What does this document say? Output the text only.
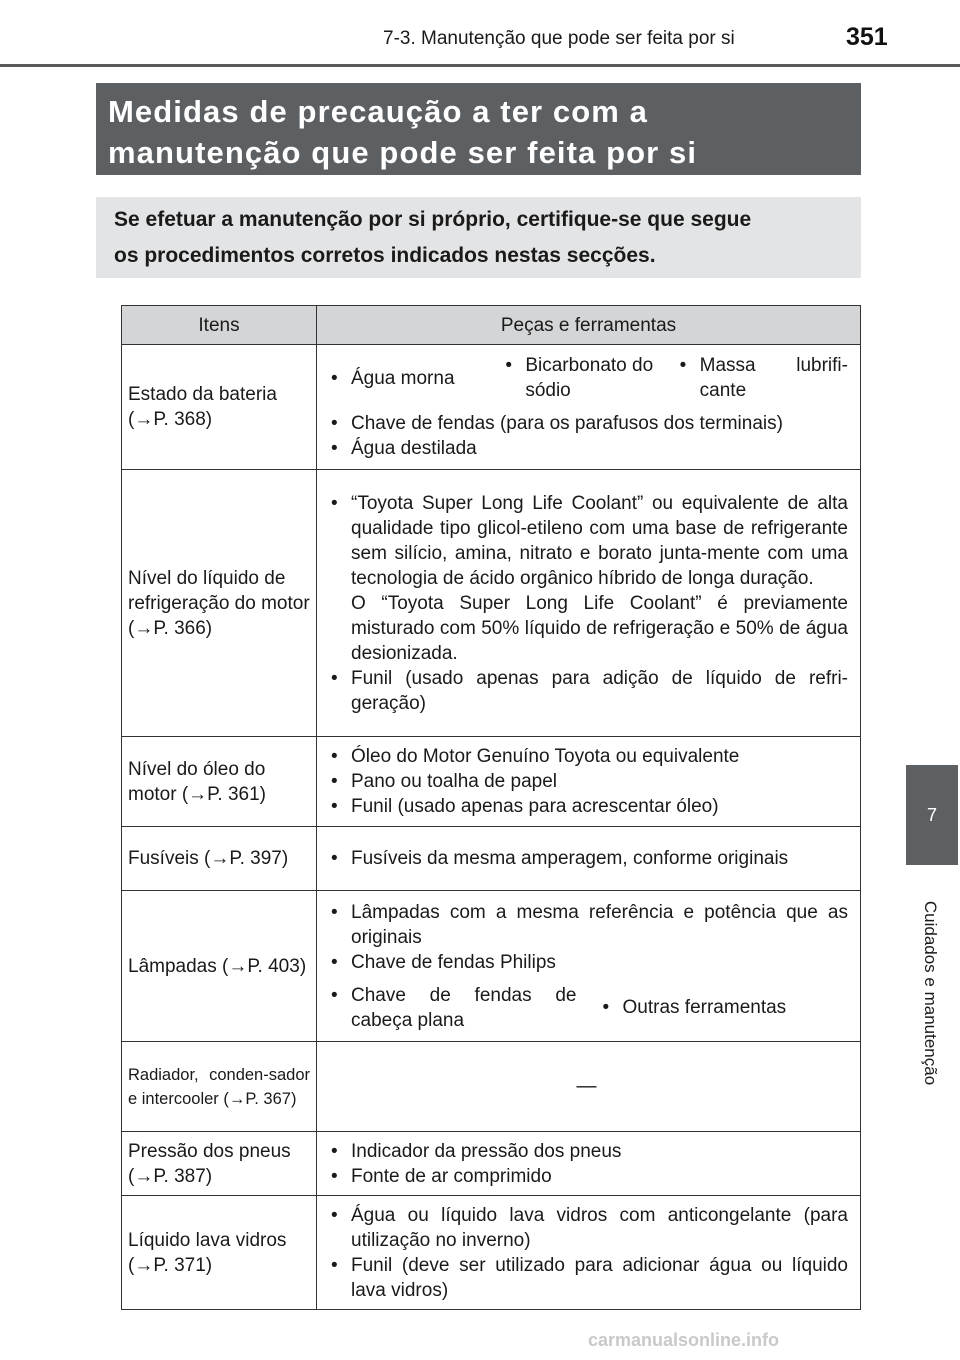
7-3. Manutenção que pode ser feita por si	351
Medidas de precaução a ter com a
manutenção que pode ser feita por si
Se efetuar a manutenção por si próprio, certifique-se que segue
os procedimentos corretos indicados nestas secções.
Itens	Peças e ferramentas
Estado da bateria (→P. 368)	• Água morna
• Bicarbonato do sódio
• Massa lubrifi-cante
• Chave de fendas (para os parafusos dos terminais)
• Água destilada

Nível do líquido de refrigeração do motor (→P. 366)	• “Toyota Super Long Life Coolant” ou equivalente de alta qualidade tipo glicol-etileno com uma base de refrigerante sem silício, amina, nitrato e borato junta-mente com uma tecnologia de ácido orgânico híbrido de longa duração.
O “Toyota Super Long Life Coolant” é previamente misturado com 50% líquido de refrigeração e 50% de água desionizada.
• Funil (usado apenas para adição de líquido de refri-geração)

Nível do óleo do motor (→P. 361)	• Óleo do Motor Genuíno Toyota ou equivalente
• Pano ou toalha de papel
• Funil (usado apenas para acrescentar óleo)

Fusíveis (→P. 397)	• Fusíveis da mesma amperagem, conforme originais

Lâmpadas (→P. 403)	• Lâmpadas com a mesma referência e potência que as originais
• Chave de fendas Philips
• Chave de fendas de cabeça plana
• Outras ferramentas

Radiador, conden-sador e intercooler (→P. 367)	—
Pressão dos pneus (→P. 387)	• Indicador da pressão dos pneus
• Fonte de ar comprimido

Líquido lava vidros (→P. 371)	• Água ou líquido lava vidros com anticongelante (para utilização no inverno)
• Funil (deve ser utilizado para adicionar água ou líquido lava vidros)
7
Cuidados e manutenção
carmanualsonline.info
